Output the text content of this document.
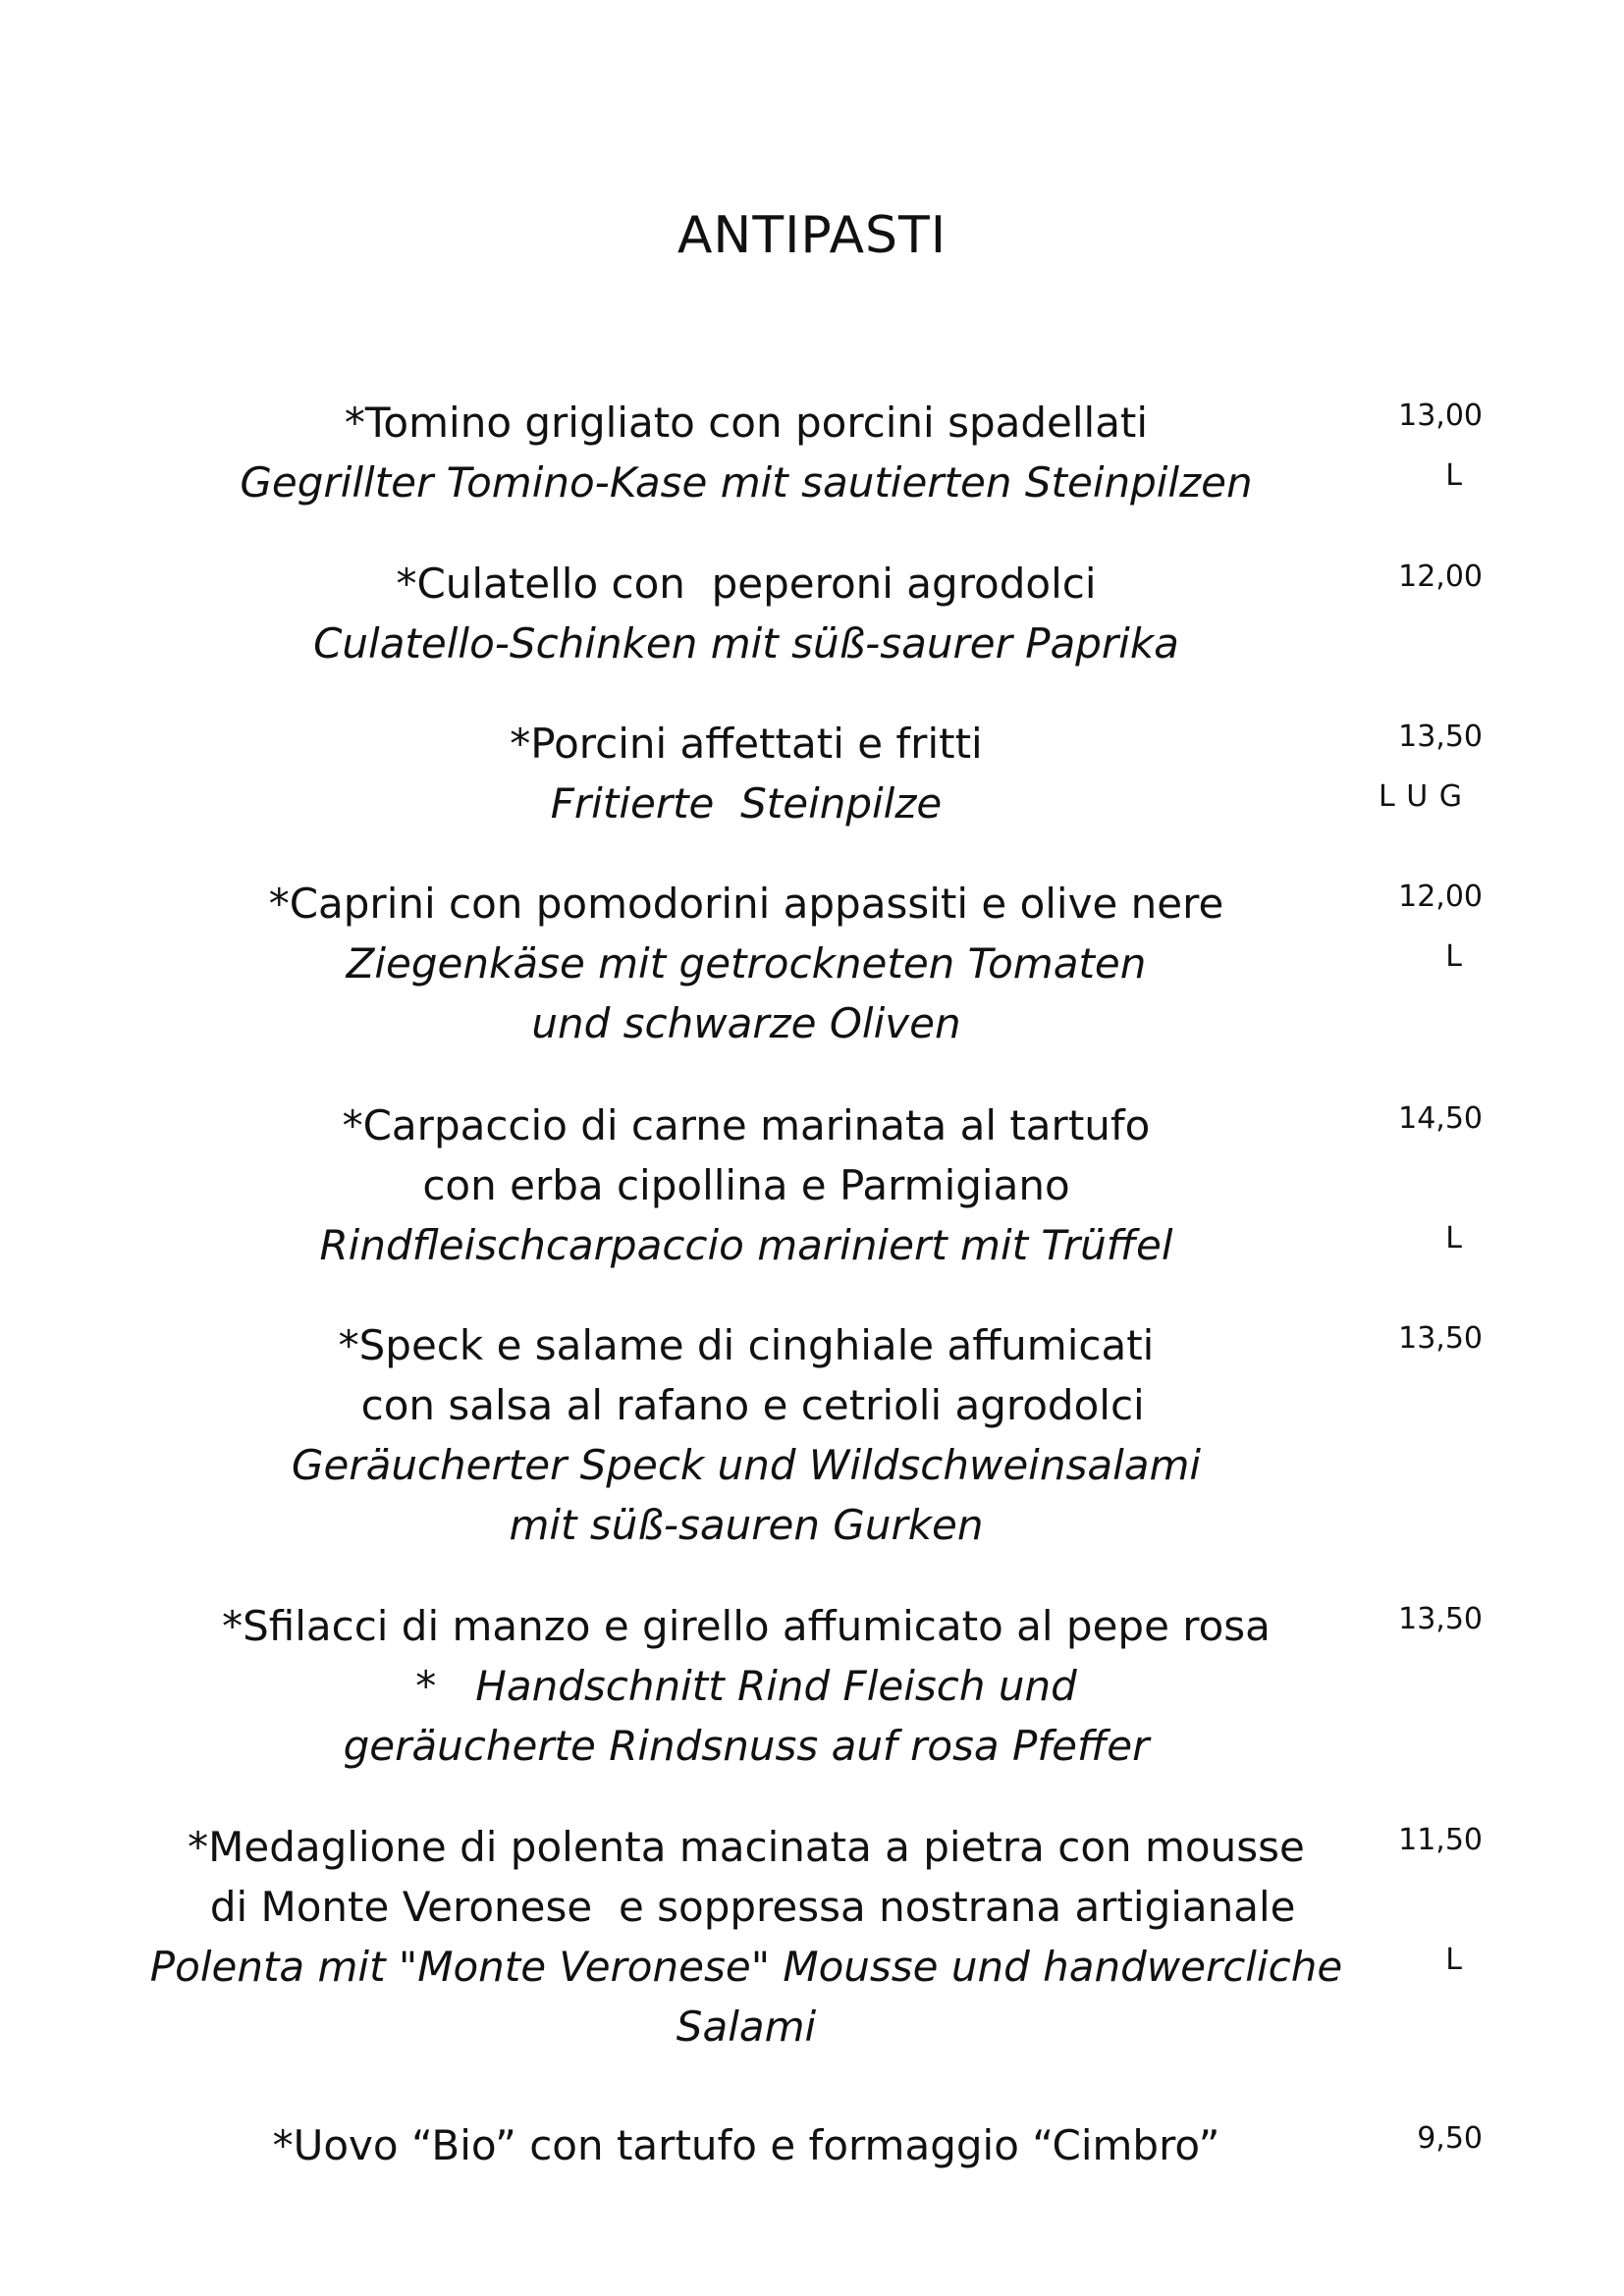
ANTIPASTI
*Tomino grigliato con porcini spadellati
Gegrillter Tomino-Kase mit sautierten Steinpilzen
13,00
L
*Culatello con  peperoni agrodolci
Culatello-Schinken mit süß-saurer Paprika
12,00
*Porcini affettati e fritti
Fritierte  Steinpilze
13,50
L U G
*Caprini con pomodorini appassiti e olive nere
Ziegenkäse mit getrockneten Tomaten
und schwarze Oliven
12,00
L
*Carpaccio di carne marinata al tartufo
con erba cipollina e Parmigiano
Rindfleischcarpaccio mariniert mit Trüffel
14,50
L
*Speck e salame di cinghiale affumicati
con salsa al rafano e cetrioli agrodolci
Geräucherter Speck und Wildschweinsalami
mit süß-sauren Gurken
13,50
*Sfilacci di manzo e girello affumicato al pepe rosa
*   Handschnitt Rind Fleisch und
geräucherte Rindsnuss auf rosa Pfeffer
13,50
*Medaglione di polenta macinata a pietra con mousse
di Monte Veronese  e soppressa nostrana artigianale
Polenta mit "Monte Veronese" Mousse und handwercliche
Salami
11,50
L
*Uovo “Bio” con tartufo e formaggio “Cimbro”	9,50
